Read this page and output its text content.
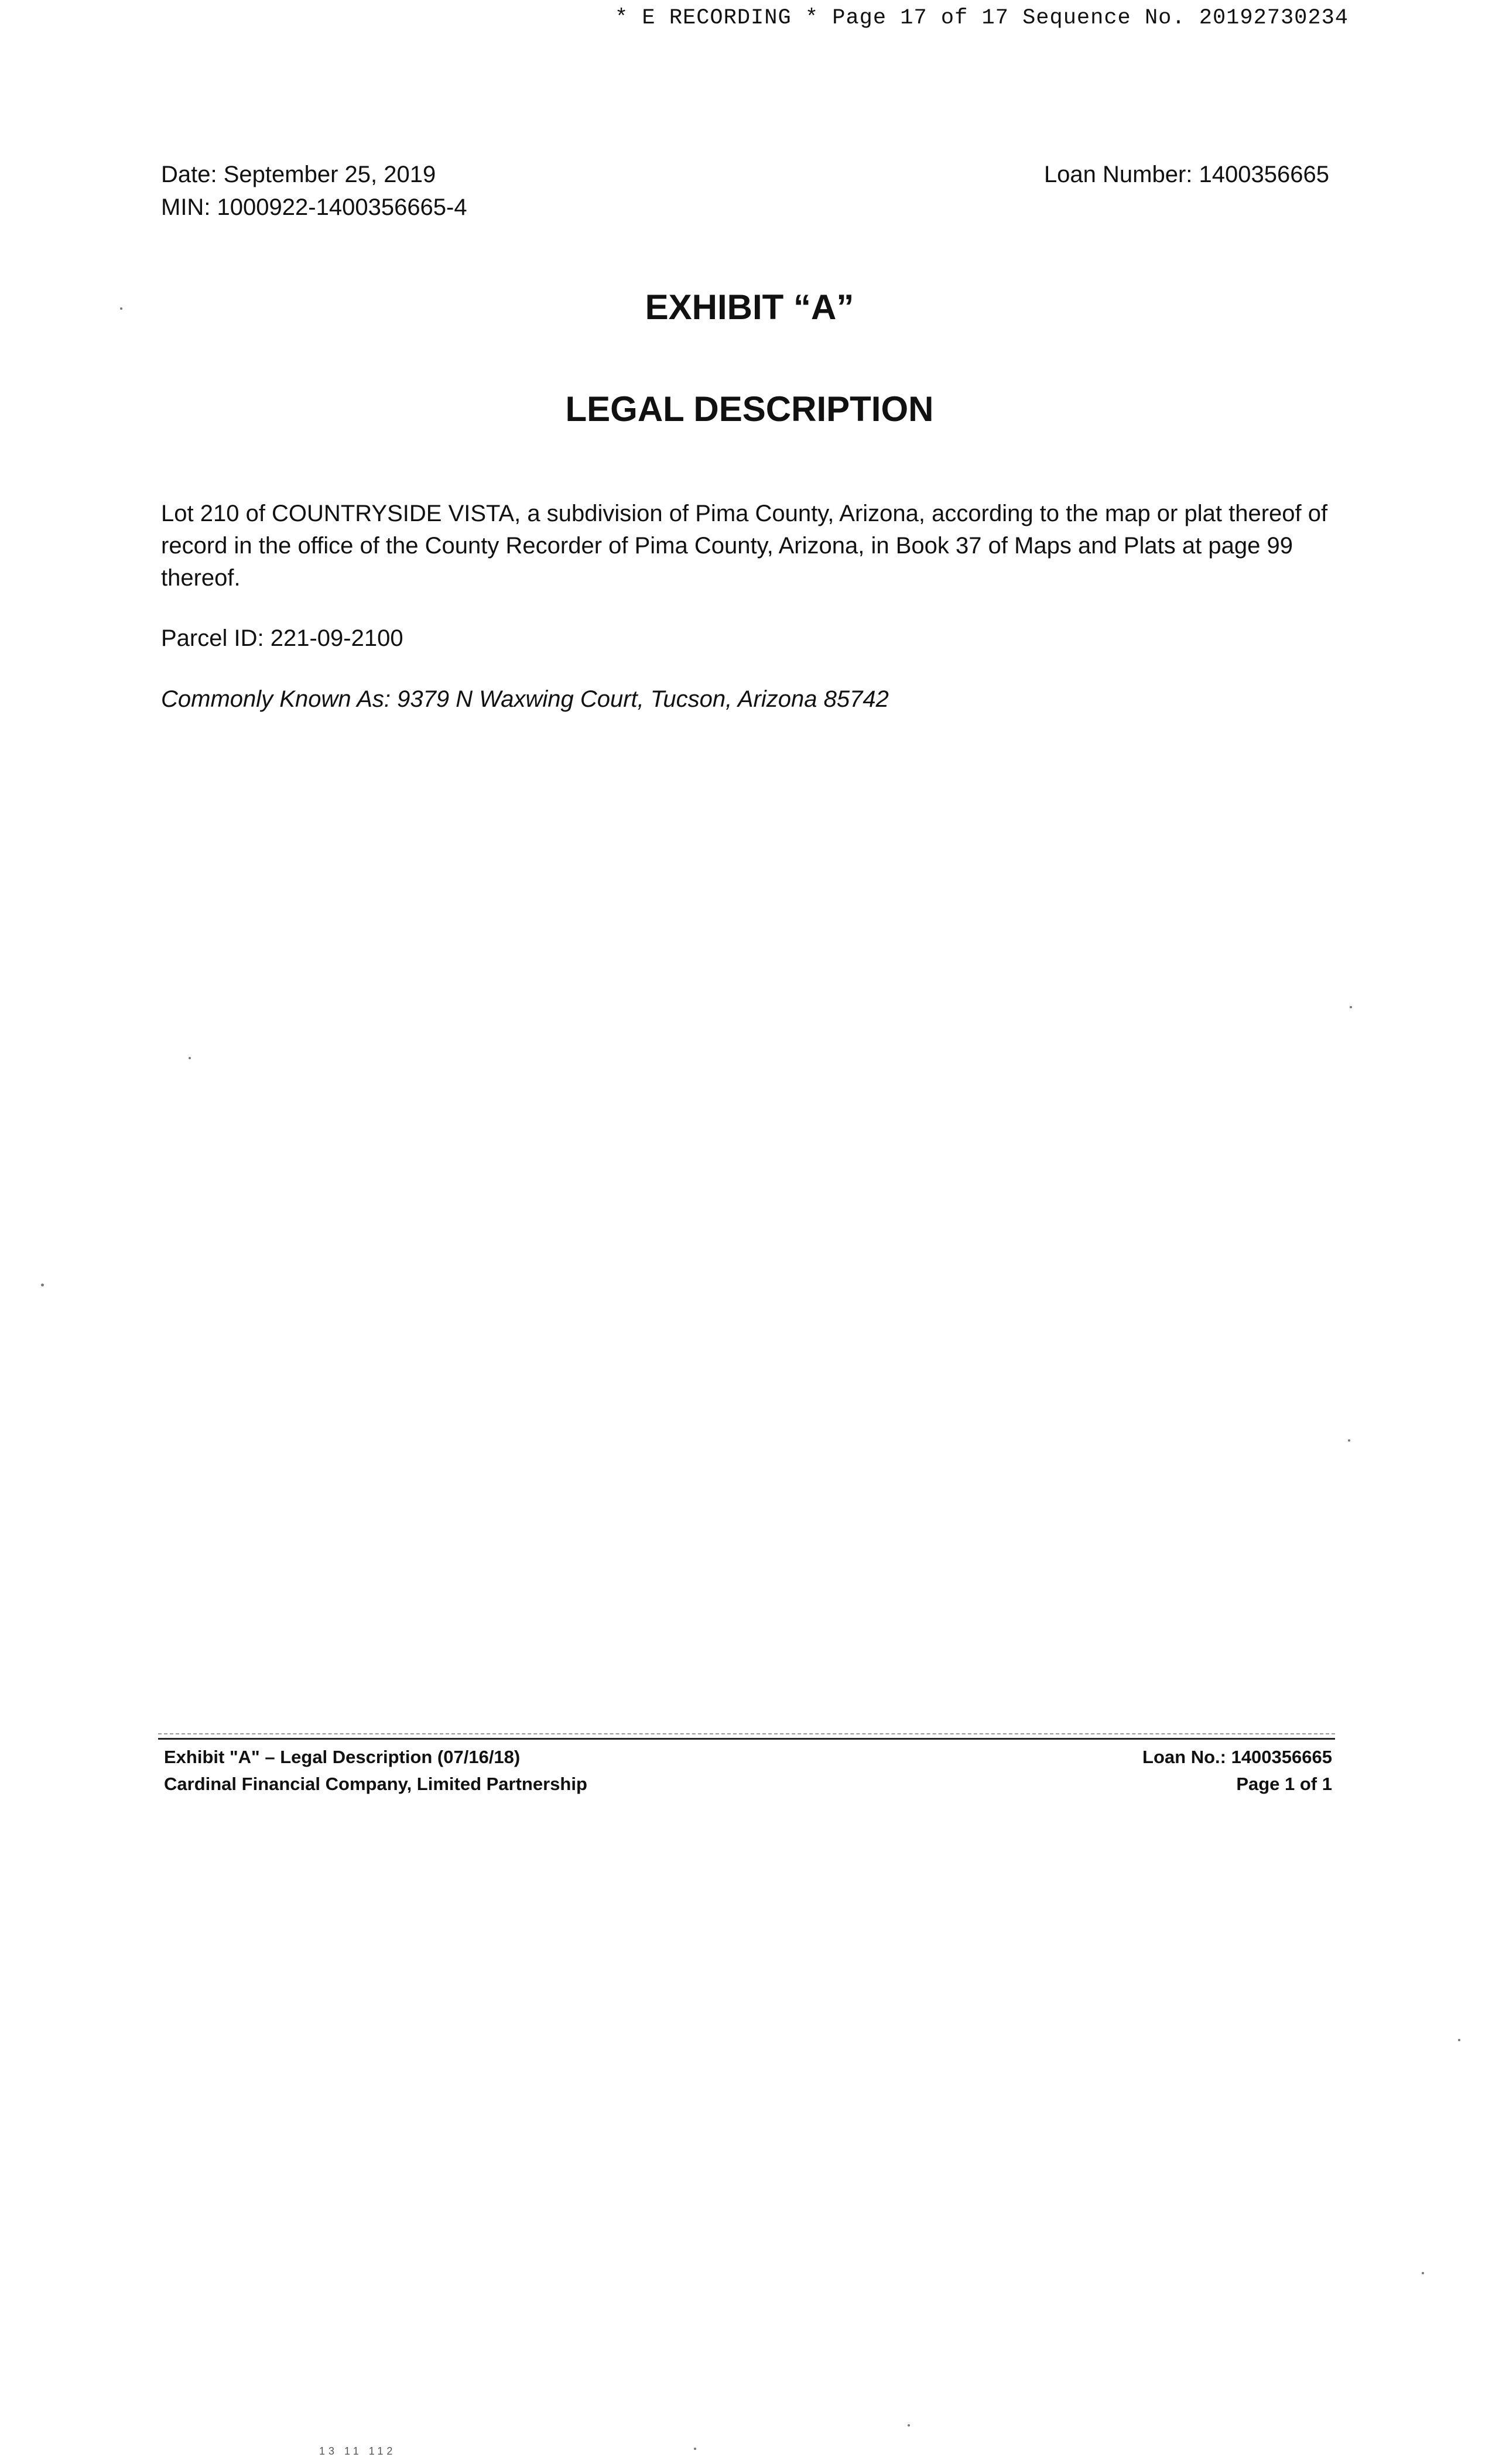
* E RECORDING * Page 17 of 17 Sequence No. 20192730234
Date: September 25, 2019
MIN: 1000922-1400356665-4
Loan Number: 1400356665
EXHIBIT “A”
LEGAL DESCRIPTION
Lot 210 of COUNTRYSIDE VISTA, a subdivision of Pima County, Arizona, according to the map or plat thereof of
record in the office of the County Recorder of Pima County, Arizona, in Book 37 of Maps and Plats at page 99
thereof.
Parcel ID: 221-09-2100
Commonly Known As: 9379 N Waxwing Court, Tucson, Arizona 85742
Exhibit "A" – Legal Description (07/16/18)
Cardinal Financial Company, Limited Partnership
Loan No.: 1400356665
Page 1 of 1
13 11 112
